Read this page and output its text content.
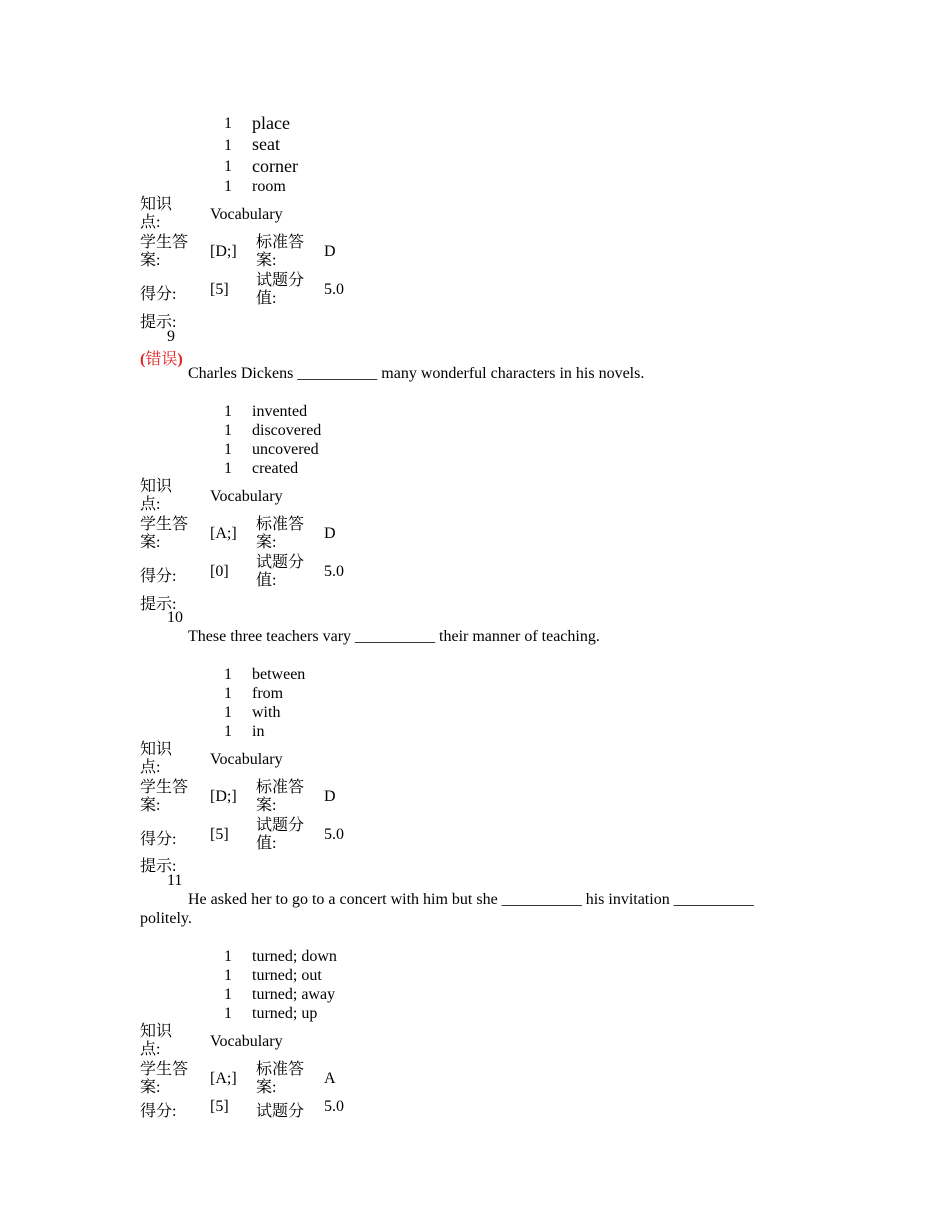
1 place
1 seat
1 corner
1 room
知识点:	Vocabulary
学生答案:
[D;]
标准答案:
D
得分: [5]
试题分值:
5.0
提示:
9
(错误)
Charles Dickens __________ many wonderful characters in his novels.
1 invented
1 discovered
1 uncovered
1 created
知识点:	Vocabulary
学生答案:
[A;]
标准答案:
D
得分: [0]
试题分值:
5.0
提示:
10
These three teachers vary __________ their manner of teaching.
1 between
1 from
1 with
1 in
知识点:	Vocabulary
学生答案:
[D;]
标准答案:
D
得分: [5]
试题分值:
5.0
提示:
11
He asked her to go to a concert with him but she __________ his invitation __________
politely.
1 turned; down
1 turned; out
1 turned; away
1 turned; up
知识点:	Vocabulary
学生答案:
[A;]
标准答案:
A
得分: [5] 试题分 5.0
